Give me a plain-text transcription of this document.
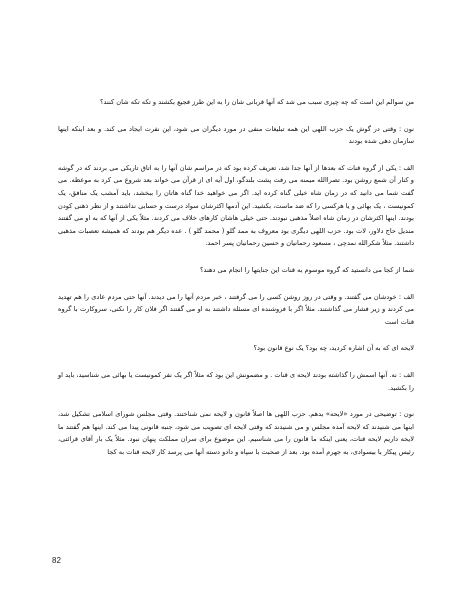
من سوالم این است که چه چیزی سبب می شد که آنها قربانی شان را به این طرز فجیع بکشند و تکه تکه شان کنند؟

نون : وقتی در گوش یک حزب اللهی این همه تبلیغات منفی در مورد دیگران می شود، این نفرت ایجاد می کند. و بعد اینکه اینها سازمان دهی شده بودند

الف : یکی از گروه قنات که بعدها از آنها جدا شد، تعریف کرده بود که در مراسم شان آنها را به اتاق تاریکی می بردند که در گوشه و کنار آن شمع روشن بود. تصراالله میمنه می رفت پشت بلندگو، اول آیه ای از قرآن می خواند بعد شروع می کرد به موعظه. می گفت شما می دانید که در زمان شاه خیلی گناه کرده اید. اگر می خواهید خدا گناه هاتان را ببخشد، باید آمشب یک منافق، یک کمونیست ، یک بهائی و یا هرکسی را که ضد ماست، بکشید. این آدمها اکثرشان سواد درست و حسابی نداشتند و از نظر ذهنی کودن بودند. اینها اکثرشان در زمان شاه اصلاً مذهبی نبودند. حتی خیلی هاشان کارهای خلاف می کردند. مثلاً یکی از آنها که به او می گفتند مندیل حاج دلاور، لات بود. حزب اللهی دیگری بود معروف به ممد گلو ( محمد گلو ) . عده دیگر هم بودند که همیشه تعصبات مذهبی داشتند. مثلاً شکرالله نمدچی ، مسعود رحمانیان و حسین رحمانیان پسر احمد.

شما از کجا می دانستید که گروه موسوم به قنات این جنایتها را انجام می دهند؟

الف : خودشان می گفتند. و وقتی در روز روشن کسی را می گرفتند ، خبر مردم آنها را می دیدند. آنها حتی مردم عادی را هم تهدید می کردند و زیر فشار می گذاشتند. مثلاً اگر با فروشنده ای مسئله داشتند به او می گفتند اگر فلان کار را نکنی، سروکارت با گروه قنات است

لایحه ای که به آن اشاره کردید، چه بود؟ یک نوع قانون بود؟

الف : نه. آنها اسمش را گذاشته بودند لایحه ی قنات . و مضمونش این بود که مثلاً اگر یک نفر کمونیست یا بهائی می شناسید، باید او را بکشید.

نون : توضیحی در مورد «لایحه» بدهم. حزب اللهی ها اصلاً قانون و لایحه نمی شناختند. وقتی مجلس شورای اسلامی تشکیل شد، اینها می شنیدند که لایحه آمده مجلس و می شنیدند که وقتی لایحه ای تصویب می شود، جنبه قانونی پیدا می کند. اینها هم گفتند ما لایحه داریم لایحه قنات، یعنی اینکه ما قانون را می شناسیم. این موضوع برای سران مملکت پنهان نبود. مثلاً یک بار آقای قرائتی، رئیس پیکار با بیسوادی، به جهرم آمده بود. بعد از صحبت با سپاه و دادو دسته آنها می پرسد کار لایحه قنات به کجا

82
